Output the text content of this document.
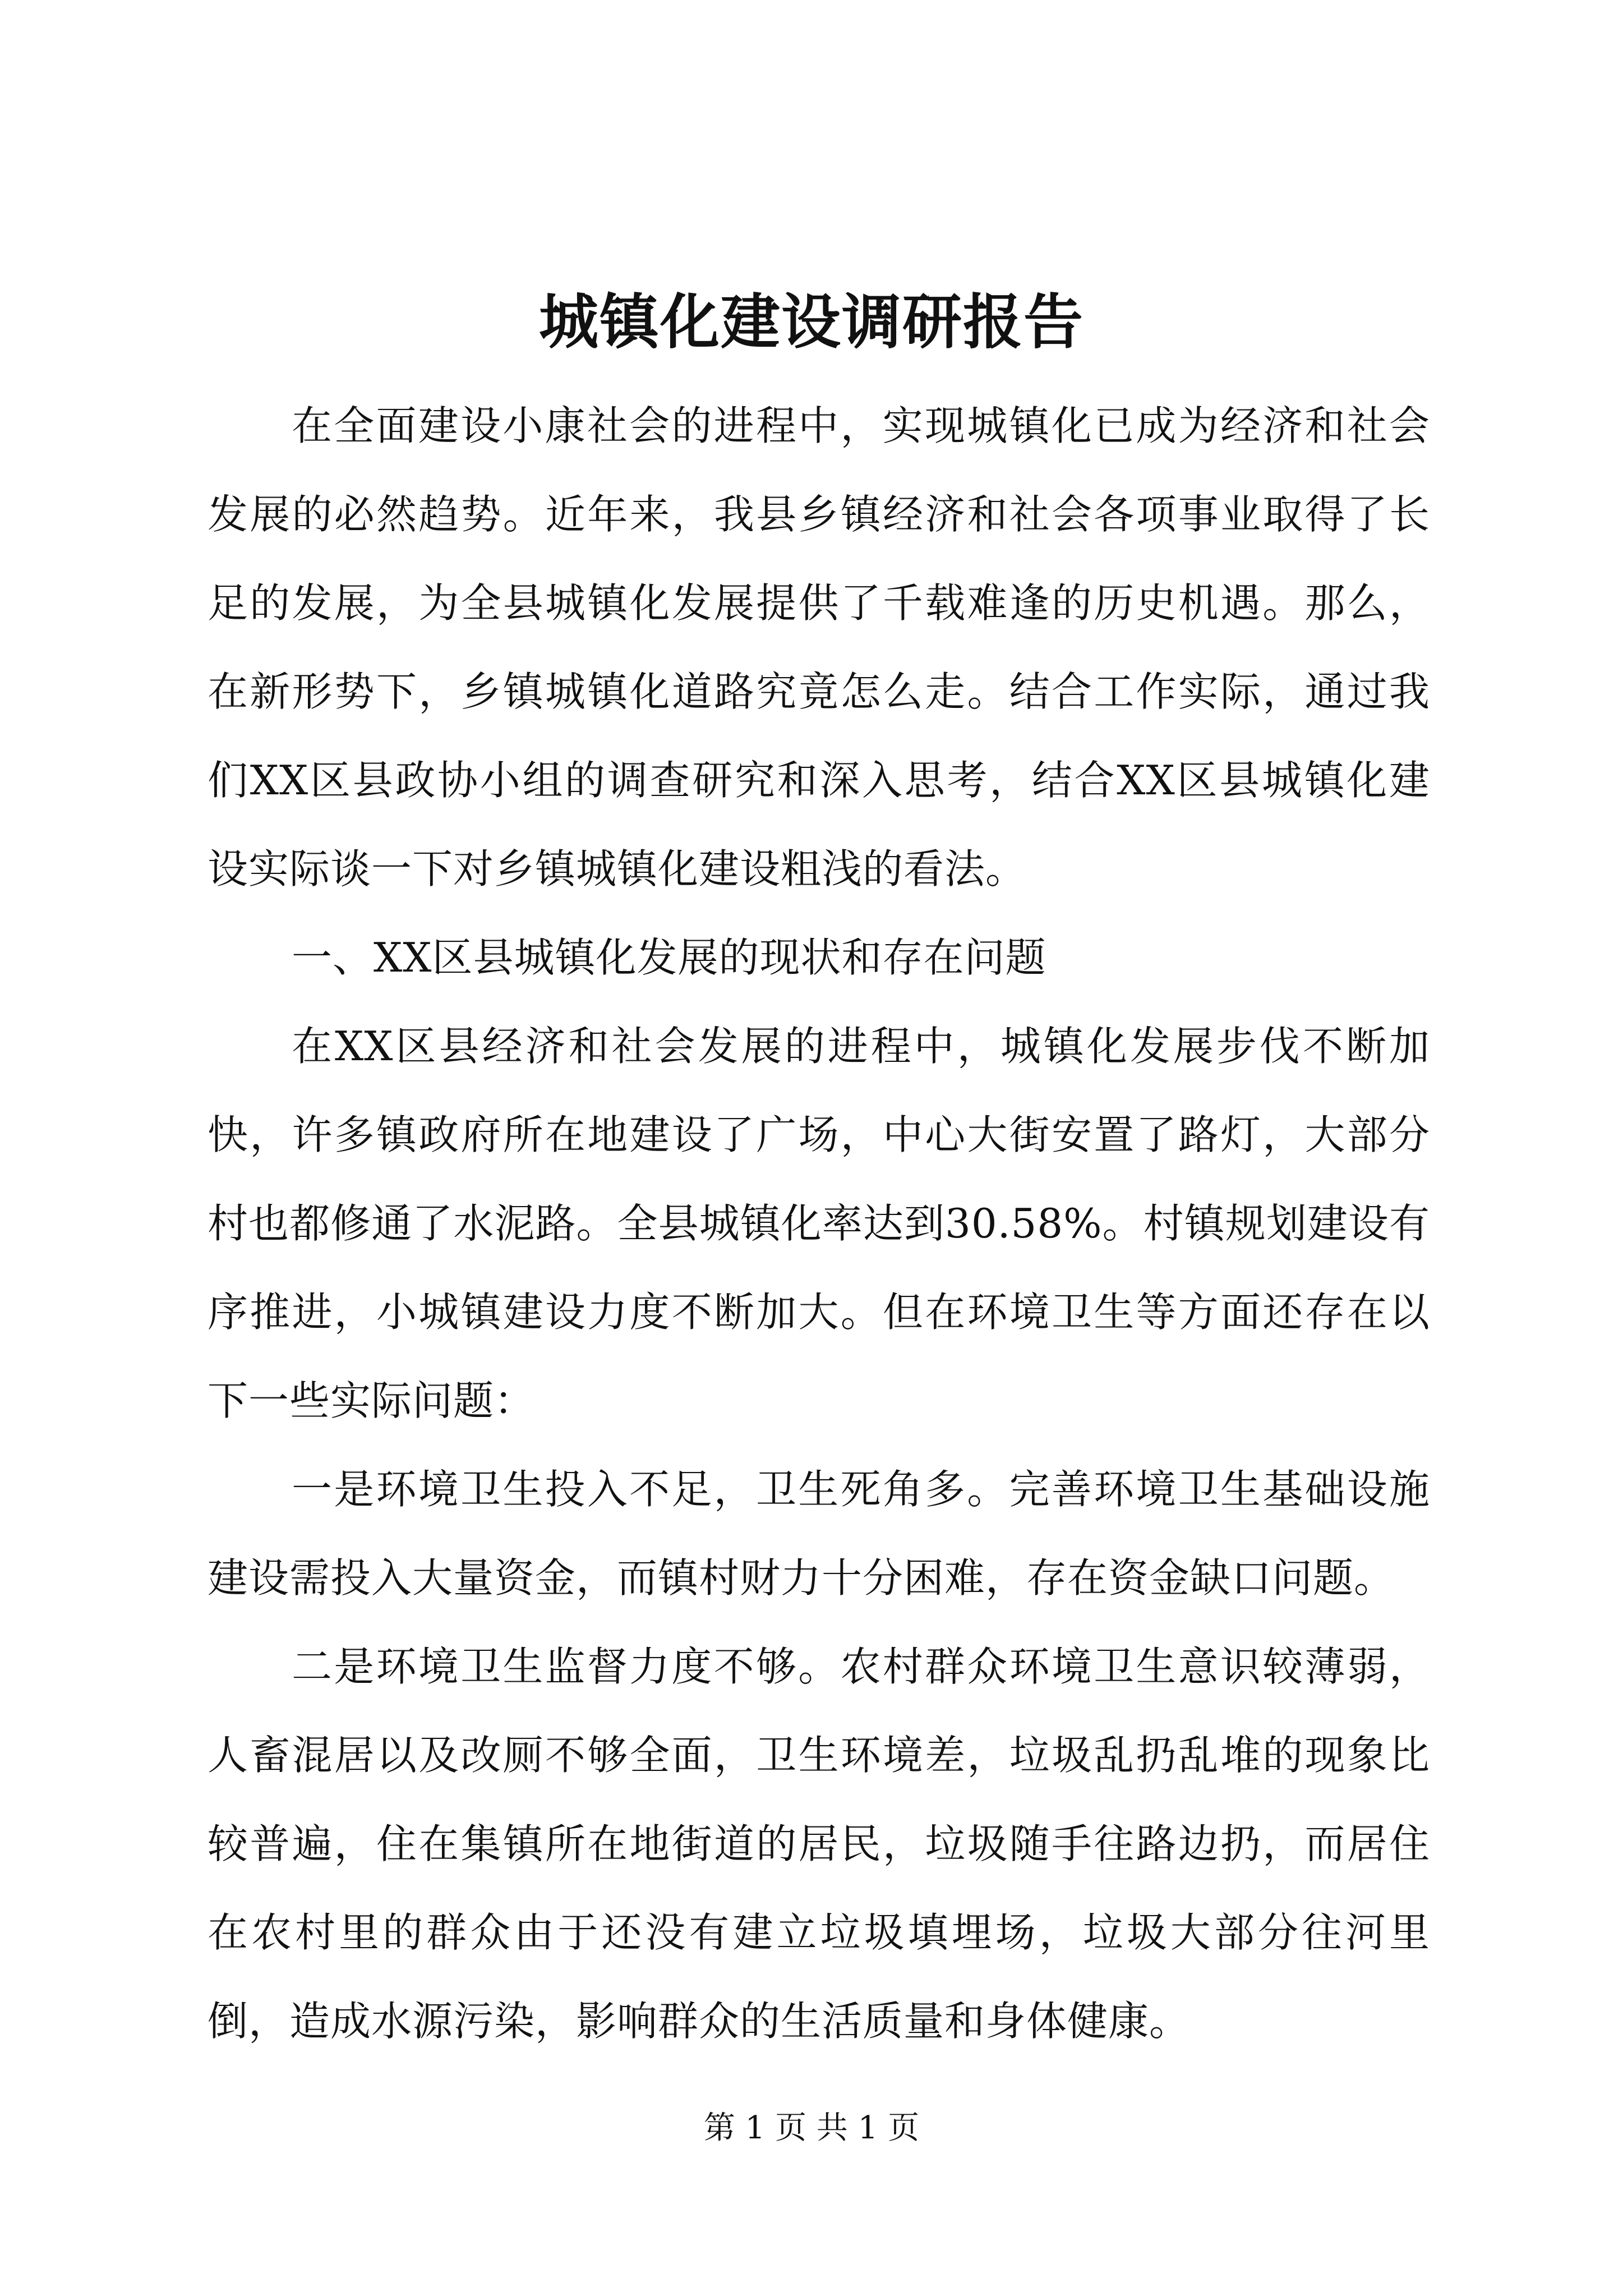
城镇化建设调研报告

在全面建设小康社会的进程中，实现城镇化已成为经济和社会发展的必然趋势。近年来，我县乡镇经济和社会各项事业取得了长足的发展，为全县城镇化发展提供了千载难逢的历史机遇。那么，在新形势下，乡镇城镇化道路究竟怎么走。结合工作实际，通过我们XX区县政协小组的调查研究和深入思考，结合XX区县城镇化建设实际谈一下对乡镇城镇化建设粗浅的看法。

一、XX区县城镇化发展的现状和存在问题

在XX区县经济和社会发展的进程中，城镇化发展步伐不断加快，许多镇政府所在地建设了广场，中心大街安置了路灯，大部分村也都修通了水泥路。全县城镇化率达到30.58%。村镇规划建设有序推进，小城镇建设力度不断加大。但在环境卫生等方面还存在以下一些实际问题：

一是环境卫生投入不足，卫生死角多。完善环境卫生基础设施建设需投入大量资金，而镇村财力十分困难，存在资金缺口问题。

二是环境卫生监督力度不够。农村群众环境卫生意识较薄弱，人畜混居以及改厕不够全面，卫生环境差，垃圾乱扔乱堆的现象比较普遍，住在集镇所在地街道的居民，垃圾随手往路边扔，而居住在农村里的群众由于还没有建立垃圾填埋场，垃圾大部分往河里倒，造成水源污染，影响群众的生活质量和身体健康。

第 1 页 共 1 页
